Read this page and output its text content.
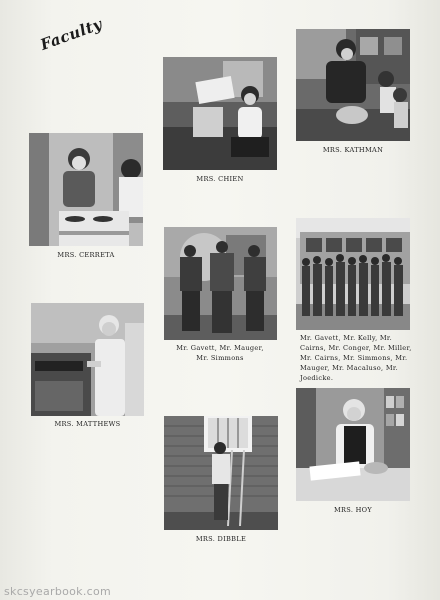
Faculty
MRS. CHIEN
MRS. KATHMAN
MRS. CERRETA
Mr. Gavett, Mr. Mauger, Mr. Simmons
Mr. Gavett, Mr. Kelly, Mr. Cairns, Mr. Conger, Mr. Miller, Mr. Cairns, Mr. Simmons, Mr. Mauger, Mr. Macaluso, Mr. Joedicke.
MRS. MATTHEWS
MRS. HOY
MRS. DIBBLE
skcsyearbook.com
